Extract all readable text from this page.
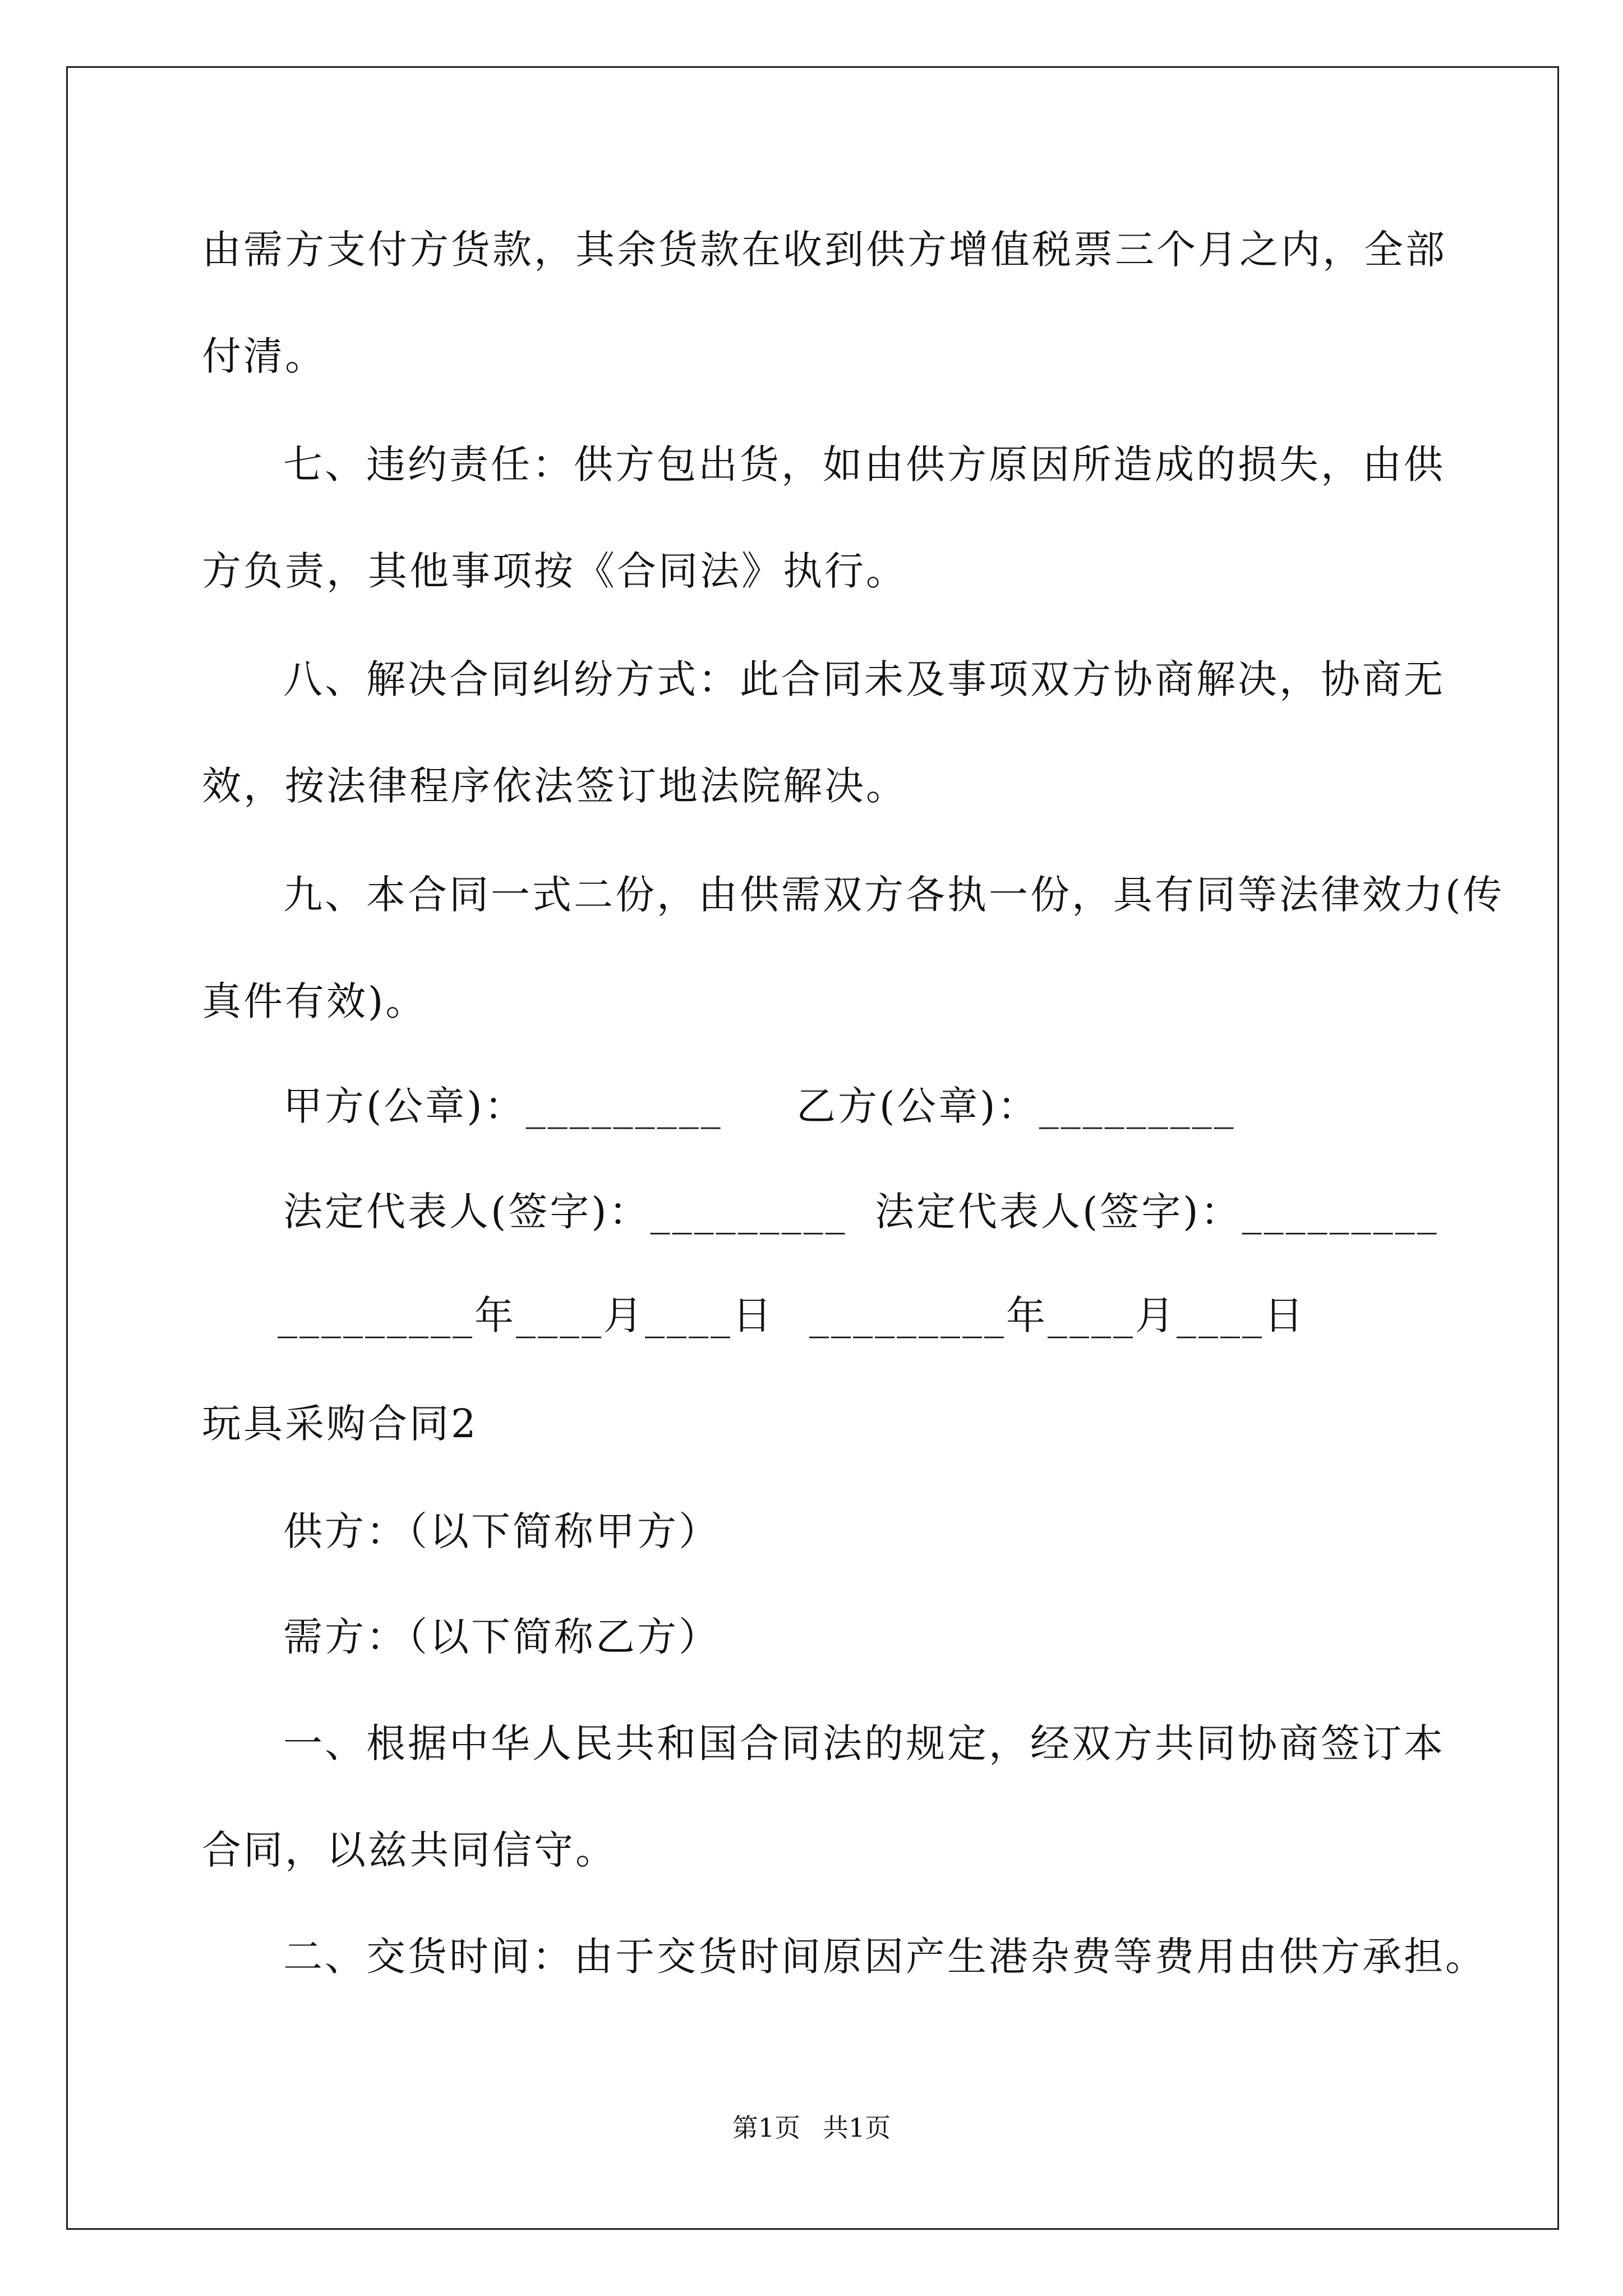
由需方支付方货款，其余货款在收到供方增值税票三个月之内，全部
付清。
七、违约责任：供方包出货，如由供方原因所造成的损失，由供
方负责，其他事项按《合同法》执行。
八、解决合同纠纷方式：此合同未及事项双方协商解决，协商无
效，按法律程序依法签订地法院解决。
九、本合同一式二份，由供需双方各执一份，具有同等法律效力(传
真件有效)。
甲方(公章)：_________ 乙方(公章)：_________
法定代表人(签字)：_________ 法定代表人(签字)：_________
_________年____月____日 _________年____月____日
玩具采购合同2
供方：（以下简称甲方）
需方：（以下简称乙方）
一、根据中华人民共和国合同法的规定，经双方共同协商签订本
合同，以兹共同信守。
二、交货时间：由于交货时间原因产生港杂费等费用由供方承担。
第1页 共1页
